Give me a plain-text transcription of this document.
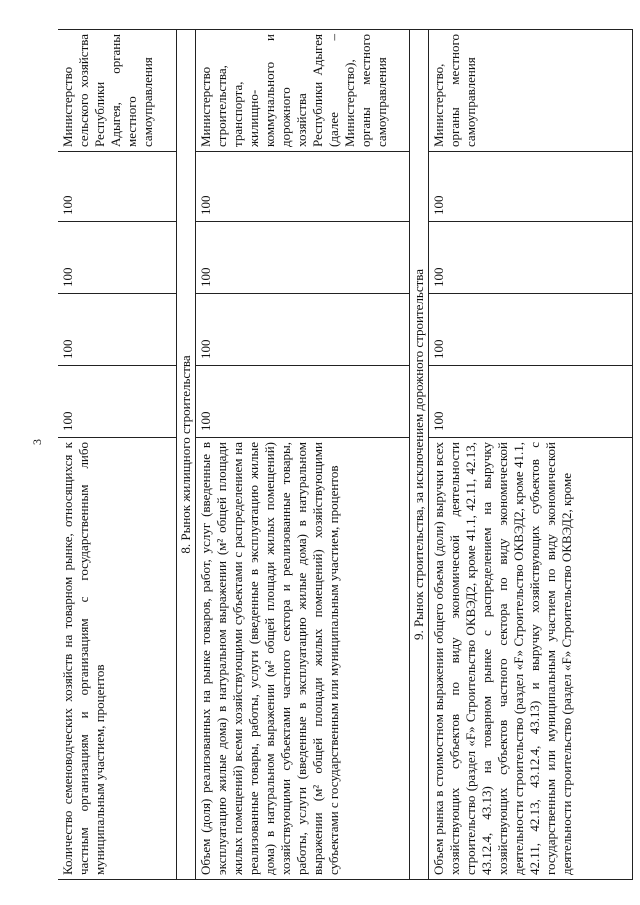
3 Количество семеноводческих хозяйств на товарном рынке, относящихся к частным организациям и организациям с государственным либо муниципальным участием, процентов	100	100	100	100	Министерство сельского хозяйства Республики Адыгея, органы местного самоуправления
8. Рынок жилищного строительства					
Объем (доля) реализованных на рынке товаров, работ, услуг (введенные в эксплуатацию жилые дома) в натуральном выражении (м² общей площади жилых помещений) всеми хозяйствующими субъектами с распределением на реализованные товары, работы, услуги (введенные в эксплуатацию жилые дома) в натуральном выражении (м² общей площади жилых помещений) хозяйствующими субъектами частного сектора и реализованные товары, работы, услуги (введенные в эксплуатацию жилые дома) в натуральном выражении (м² общей площади жилых помещений) хозяйствующими субъектами с государственным или муниципальным участием, процентов	100	100	100	100	Министерство строительства, транспорта, жилищно-коммунального и дорожного хозяйства Республики Адыгея (далее – Министерство), органы местного самоуправления
9. Рынок строительства, за исключением дорожного строительства					
Объем рынка в стоимостном выражении общего объема (доли) выручки всех хозяйствующих субъектов по виду экономической деятельности строительство (раздел «F» Строительство ОКВЭД2, кроме 41.1, 42.11, 42.13, 43.12.4, 43.13) на товарном рынке с распределением на выручку хозяйствующих субъектов частного сектора по виду экономической деятельности строительство (раздел «F» Строительство ОКВЭД2, кроме 41.1, 42.11, 42.13, 43.12.4, 43.13) и выручку хозяйствующих субъектов с государственным или муниципальным участием по виду экономической деятельности строительство (раздел «F» Строительство ОКВЭД2, кроме	100	100	100	100	Министерство, органы местного самоуправления
